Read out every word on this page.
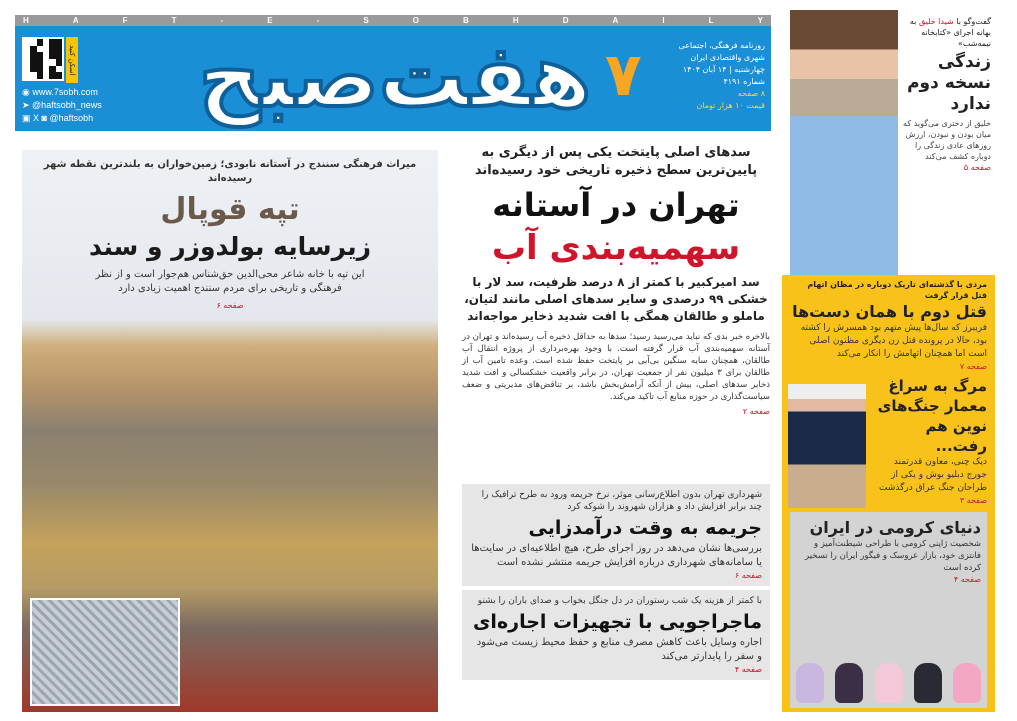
H	A	F	T	-	E	-	S	O	B	H	D	A	I	L	Y
هفت‌صبح ۷	روزنامه فرهنگی، اجتماعی
شهری واقتصادی ایران
چهارشنبه | ۱۴ آبان ۱۴۰۴
شماره ۴۱۹۱
۸ صفحه
قیمت ۱۰ هزار تومان
اسکن کنید
◉ www.7sobh.com
➤ @haftsobh_news
▣ X ◙ @haftsobh
میراث فرهنگی سنندج در آستانه نابودی؛ زمین‌خواران به بلندترین نقطه شهر رسیده‌اند
تپه قوپال
زیرسایه بولدوزر و سند
این تپه با خانه شاعر محی‌الدین حق‌شناس هم‌جوار است و از نظر فرهنگی و تاریخی برای مردم سنندج اهمیت زیادی دارد
صفحه ۶
سدهای اصلی پایتخت یکی پس از دیگری به پایین‌ترین سطح ذخیره تاریخی خود رسیده‌اند
تهران در آستانه
سهمیه‌بندی آب
سد امیرکبیر با کمتر از ۸ درصد ظرفیت، سد لار با خشکی ۹۹ درصدی و سایر سدهای اصلی مانند لتیان، ماملو و طالقان همگی با افت شدید ذخایر مواجه‌اند
بالاخره خبر بدی که نباید می‌رسید رسید؛ سدها به حداقل ذخیره آب رسیده‌اند و تهران در آستانه سهمیه‌بندی آب قرار گرفته است. با وجود بهره‌برداری از پروژه انتقال آب طالقان، همچنان سایه سنگین بی‌آبی بر پایتخت حفظ شده است. وعده تامین آب از طالقان برای ۳ میلیون نفر از جمعیت تهران، در برابر واقعیت خشکسالی و افت شدید ذخایر سدهای اصلی، بیش از آنکه آرامش‌بخش باشد، بر تناقض‌های مدیریتی و ضعف سیاست‌گذاری در حوزه منابع آب تاکید می‌کند.
صفحه ۲
شهرداری تهران بدون اطلاع‌رسانی موثر، نرخ جریمه ورود به طرح ترافیک را چند برابر افزایش داد و هزاران شهروند را شوکه کرد
جریمه به وقت درآمدزایی

بررسی‌ها نشان می‌دهد در روز اجرای طرح، هیچ اطلاعیه‌ای در سایت‌ها یا سامانه‌های شهرداری درباره افزایش جریمه منتشر نشده است

صفحه ۶
با کمتر از هزینه یک شب رستوران در دل جنگل بخواب و صدای باران را بشنو
ماجراجویی با تجهیزات اجاره‌ای

اجاره وسایل باعث کاهش مصرف منابع و حفظ محیط زیست می‌شود و سفر را پایدارتر می‌کند

صفحه ۴
گفت‌وگو با شیدا خلیق به بهانه اجرای «کتابخانه نیمه‌شب»
زندگی نسخه دوم ندارد
خلیق از دختری می‌گوید که میان بودن و نبودن، ارزش روزهای عادی زندگی را دوباره کشف می‌کند
صفحه ۵
مردی با گذشته‌ای تاریک دوباره در مظان اتهام قتل قرار گرفت
قتل دوم با همان دست‌ها
فریبرز که سال‌ها پیش متهم بود همسرش را کشته بود، حالا در پرونده قتل زن دیگری مظنون اصلی است اما همچنان اتهامش را انکار می‌کند
صفحه ۷
مرگ به سراغ معمار جنگ‌های نوین هم رفت...
دیک چنی، معاون قدرتمند جورج دبلیو بوش و یکی از طراحان جنگ عراق درگذشت
صفحه ۳
دنیای کرومی در ایران
شخصیت ژاپنی کرومی با طراحی شیطنت‌آمیز و فانتزی خود، بازار عروسک و فیگور ایران را تسخیر کرده است
صفحه ۴
